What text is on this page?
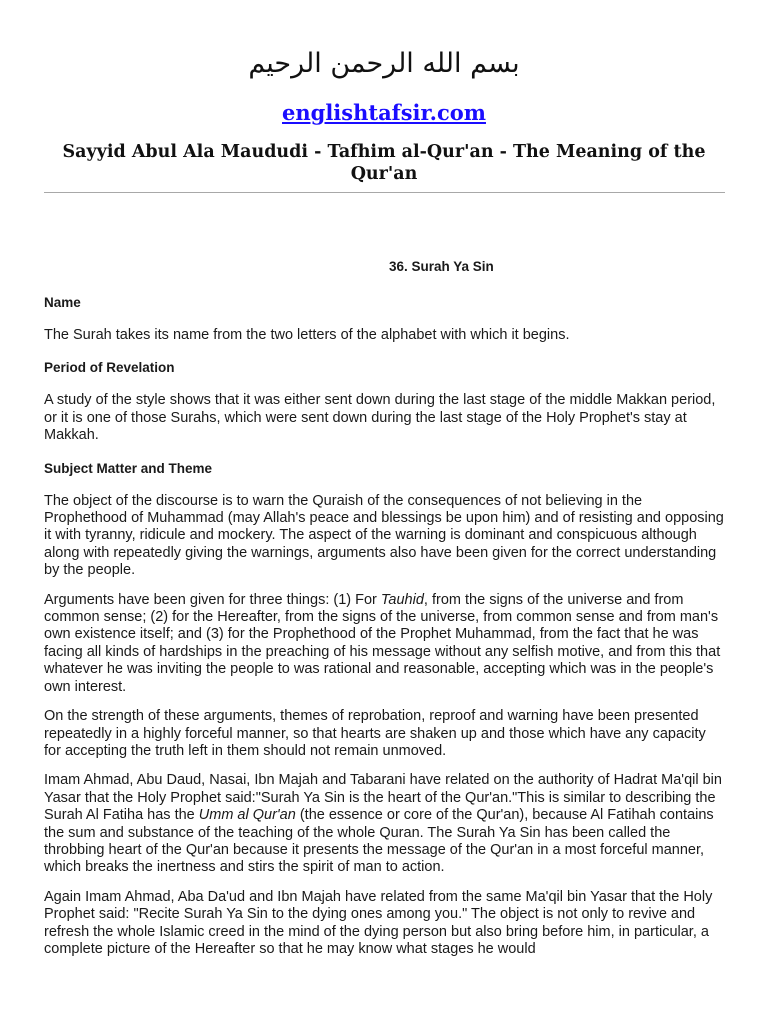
بسم الله الرحمن الرحيم
englishtafsir.com
Sayyid Abul Ala Maududi - Tafhim al-Qur'an - The Meaning of the Qur'an
36. Surah Ya Sin
Name

The Surah takes its name from the two letters of the alphabet with which it begins.

Period of Revelation

A study of the style shows that it was either sent down during the last stage of the middle Makkan period, or it is one of those Surahs, which were sent down during the last stage of the Holy Prophet's stay at Makkah.

Subject Matter and Theme

The object of the discourse is to warn the Quraish of the consequences of not believing in the Prophethood of Muhammad (may Allah's peace and blessings be upon him) and of resisting and opposing it with tyranny, ridicule and mockery. The aspect of the warning is dominant and conspicuous although along with repeatedly giving the warnings, arguments also have been given for the correct understanding by the people.

Arguments have been given for three things: (1) For Tauhid, from the signs of the universe and from common sense; (2) for the Hereafter, from the signs of the universe, from common sense and from man's own existence itself; and (3) for the Prophethood of the Prophet Muhammad, from the fact that he was facing all kinds of hardships in the preaching of his message without any selfish motive, and from this that whatever he was inviting the people to was rational and reasonable, accepting which was in the people's own interest.

On the strength of these arguments, themes of reprobation, reproof and warning have been presented repeatedly in a highly forceful manner, so that hearts are shaken up and those which have any capacity for accepting the truth left in them should not remain unmoved.

Imam Ahmad, Abu Daud, Nasai, Ibn Majah and Tabarani have related on the authority of Hadrat Ma'qil bin Yasar that the Holy Prophet said:"Surah Ya Sin is the heart of the Qur'an."This is similar to describing the Surah Al Fatiha has the Umm al Qur'an (the essence or core of the Qur'an), because Al Fatihah contains the sum and substance of the teaching of the whole Quran. The Surah Ya Sin has been called the throbbing heart of the Qur'an because it presents the message of the Qur'an in a most forceful manner, which breaks the inertness and stirs the spirit of man to action.

Again Imam Ahmad, Aba Da'ud and Ibn Majah have related from the same Ma'qil bin Yasar that the Holy Prophet said: "Recite Surah Ya Sin to the dying ones among you." The object is not only to revive and refresh the whole Islamic creed in the mind of the dying person but also bring before him, in particular, a complete picture of the Hereafter so that he may know what stages he would
